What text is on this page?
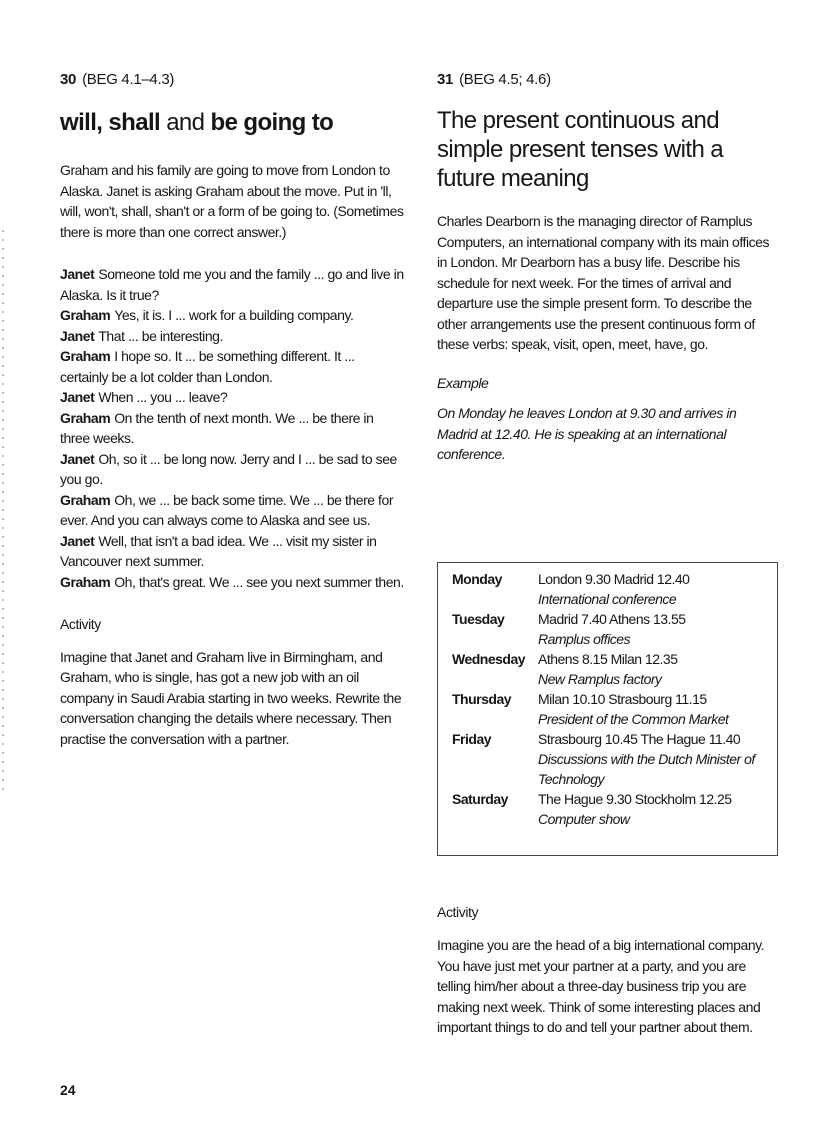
30 (BEG 4.1–4.3)

will, shall and be going to

Graham and his family are going to move from London to Alaska. Janet is asking Graham about the move. Put in 'll, will, won't, shall, shan't or a form of be going to. (Sometimes there is more than one correct answer.)

Janet Someone told me you and the family ... go and live in Alaska. Is it true?

Graham Yes, it is. I ... work for a building company.

Janet That ... be interesting.

Graham I hope so. It ... be something different. It ... certainly be a lot colder than London.

Janet When ... you ... leave?

Graham On the tenth of next month. We ... be there in three weeks.

Janet Oh, so it ... be long now. Jerry and I ... be sad to see you go.

Graham Oh, we ... be back some time. We ... be there for ever. And you can always come to Alaska and see us.

Janet Well, that isn't a bad idea. We ... visit my sister in Vancouver next summer.

Graham Oh, that's great. We ... see you next summer then.

Activity

Imagine that Janet and Graham live in Birmingham, and Graham, who is single, has got a new job with an oil company in Saudi Arabia starting in two weeks. Rewrite the conversation changing the details where necessary. Then practise the conversation with a partner.

31 (BEG 4.5; 4.6)

The present continuous and simple present tenses with a future meaning

Charles Dearborn is the managing director of Ramplus Computers, an international company with its main offices in London. Mr Dearborn has a busy life. Describe his schedule for next week. For the times of arrival and departure use the simple present form. To describe the other arrangements use the present continuous form of these verbs: speak, visit, open, meet, have, go.

Example

On Monday he leaves London at 9.30 and arrives in Madrid at 12.40. He is speaking at an international conference.

Monday	London 9.30 Madrid 12.40
International conference
Tuesday	Madrid 7.40 Athens 13.55
Ramplus offices
Wednesday Athens 8.15 Milan 12.35
New Ramplus factory
Thursday	Milan 10.10 Strasbourg 11.15
President of the Common Market
Friday	Strasbourg 10.45 The Hague 11.40
Discussions with the Dutch Minister of Technology
Saturday	The Hague 9.30 Stockholm 12.25
Computer show

Activity

Imagine you are the head of a big international company. You have just met your partner at a party, and you are telling him/her about a three-day business trip you are making next week. Think of some interesting places and important things to do and tell your partner about them.

24
